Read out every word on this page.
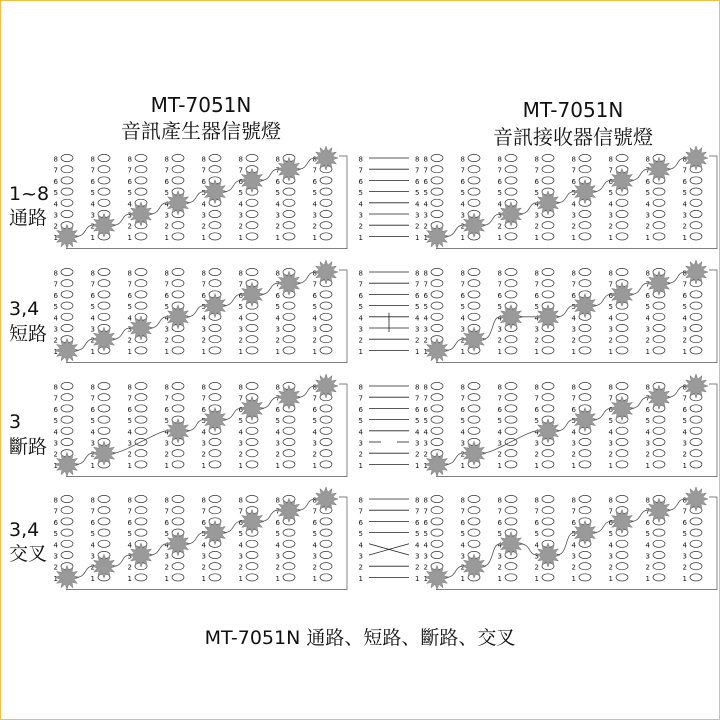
MT-7051N
音訊產生器信號燈
MT-7051N
音訊接收器信號燈
8
7
6
5
4
3
2
1
8
7
6
5
4
3
2
1
8
7
6
5
4
3
2
1
8
7
6
5
4
3
2
1
8
7
6
5
4
3
2
1
8
7
6
5
4
3
2
1
8
7
6
5
4
3
2
1
8
7
6
5
4
3
2
1
8
7
6
5
4
3
2
1
8
7
6
5
4
3
2
1
8
7
6
5
4
3
2
1
8
7
6
5
4
3
2
1
8
7
6
5
4
3
2
1
8
7
6
5
4
3
2
1
8
7
6
5
4
3
2
1
8
7
6
5
4
3
2
1
8	8
7	7
6	6
5	5
4	4
3	3
2	2
1	1
8
7
6
5
4
3
2
1
8
7
6
5
4
3
2
1
8
7
6
5
4
3
2
1
8
7
6
5
4
3
2
1
8
7
6
5
4
3
2
1
8
7
6
5
4
3
2
1
8
7
6
5
4
3
2
1
8
7
6
5
4
3
2
1
8
7
6
5
4
3
2
1
8
7
6
5
4
3
2
1
8
7
6
5
4
3
2
1
8
7
6
5
4
3
2
1
8
7
6
5
4
3
2
1
8
7
6
5
4
3
2
1
8
7
6
5
4
3
2
1
8
7
6
5
4
3
2
1
8	8
7	7
6	6
5	5
4	4
3	3
2	2
1	1
8
7
6
5
4
3
2
1
8
7
6
5
4
3
2
1
8
7
6
5
4
3
2
1
8
7
6
5
4
3
2
1
8
7
6
5
4
3
2
1
8
7
6
5
4
3
2
1
8
7
6
5
4
3
2
1
8
7
6
5
4
3
2
1
8
7
6
5
4
3
2
1
8
7
6
5
4
3
2
1
8
7
6
5
4
3
2
1
8
7
6
5
4
3
2
1
8
7
6
5
4
3
2
1
8
7
6
5
4
3
2
1
8
7
6
5
4
3
2
1
8
7
6
5
4
3
2
1
8	8
7	7
6	6
5	5
4	4
3	3
2	2
1	1
8
7
6
5
4
3
2
1
8
7
6
5
4
3
2
1
8
7
6
5
4
3
2
1
8
7
6
5
4
3
2
1
8
7
6
5
4
3
2
1
8
7
6
5
4
3
2
1
8
7
6
5
4
3
2
1
8
7
6
5
4
3
2
1
8
7
6
5
4
3
2
1
8
7
6
5
4
3
2
1
8
7
6
5
4
3
2
1
8
7
6
5
4
3
2
1
8
7
6
5
4
3
2
1
8
7
6
5
4
3
2
1
8
7
6
5
4
3
2
1
8
7
6
5
4
3
2
1
8	8
7	7
6	6
5	5
4	4
3	3
2	2
1	1
1~8
通路
3,4
短路
3
斷路
3,4
交叉
MT-7051N 通路、短路、斷路、交叉
